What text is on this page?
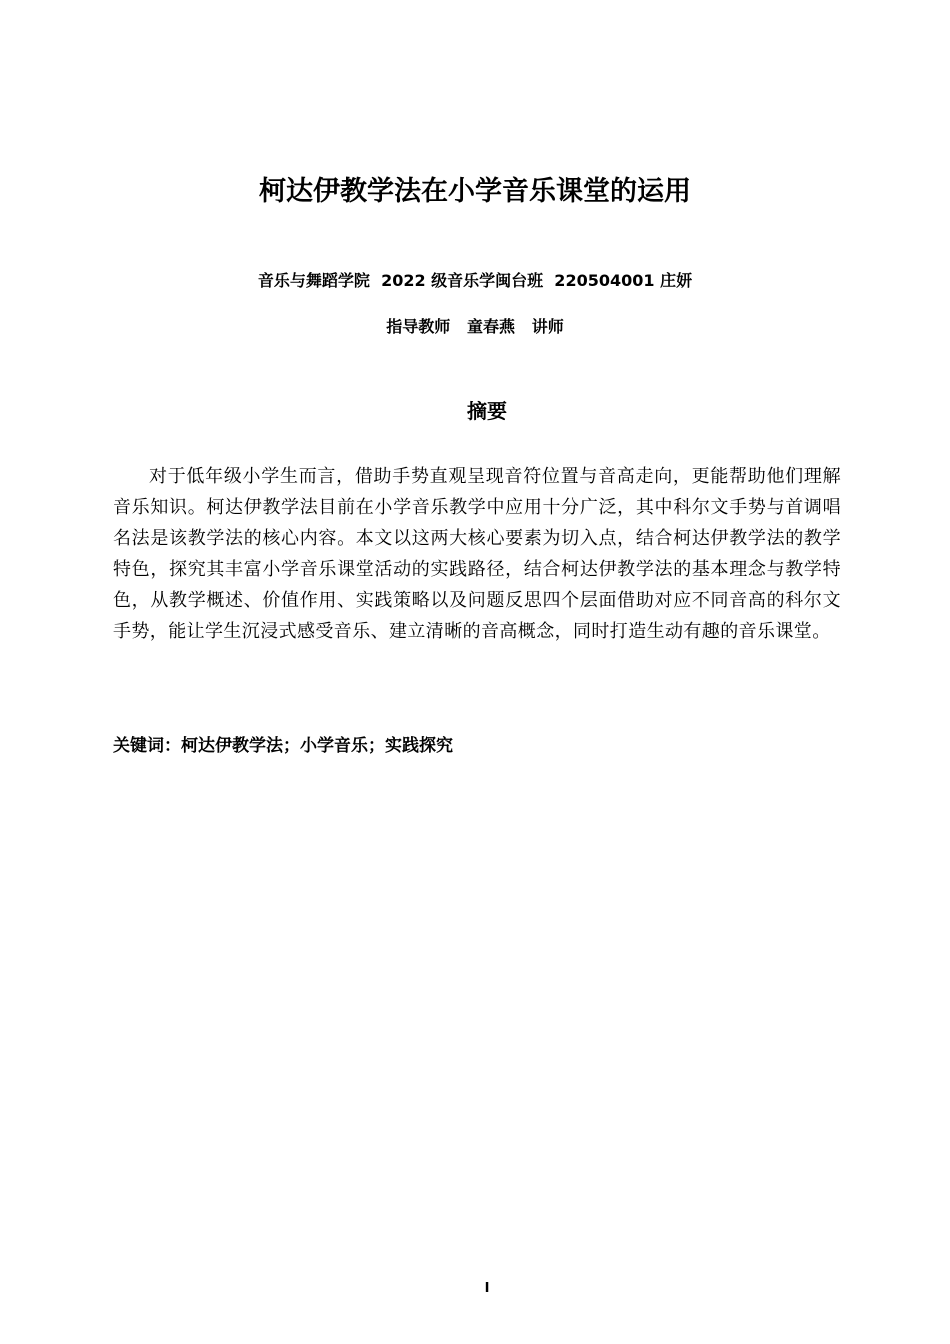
柯达伊教学法在小学音乐课堂的运用
音乐与舞蹈学院  2022 级音乐学闽台班  220504001 庄妍
指导教师   童春燕   讲师
摘要
对于低年级小学生而言，借助手势直观呈现音符位置与音高走向，更能帮助他们理解音乐知识。柯达伊教学法目前在小学音乐教学中应用十分广泛，其中科尔文手势与首调唱名法是该教学法的核心内容。本文以这两大核心要素为切入点，结合柯达伊教学法的教学特色，探究其丰富小学音乐课堂活动的实践路径，结合柯达伊教学法的基本理念与教学特色，从教学概述、价值作用、实践策略以及问题反思四个层面借助对应不同音高的科尔文手势，能让学生沉浸式感受音乐、建立清晰的音高概念，同时打造生动有趣的音乐课堂。
关键词：柯达伊教学法；小学音乐；实践探究
I
